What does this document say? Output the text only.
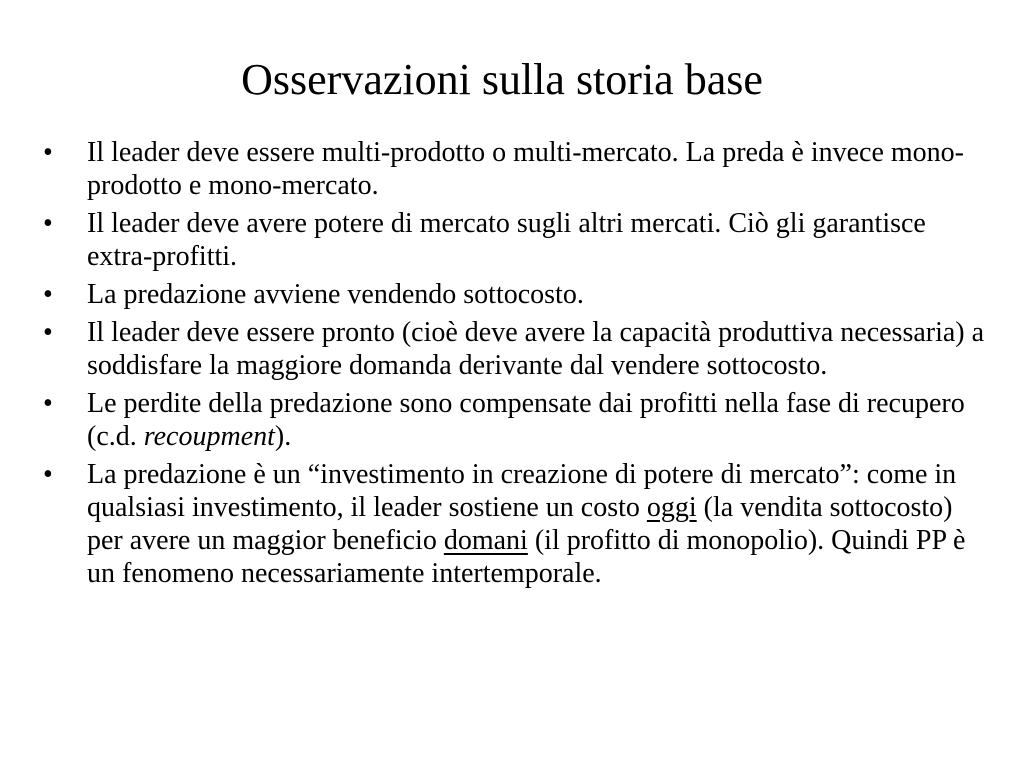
Osservazioni sulla storia base
•	Il leader deve essere multi-prodotto o multi-mercato. La preda è invece mono-prodotto e mono-mercato.
•	Il leader deve avere potere di mercato sugli altri mercati. Ciò gli garantisce extra-profitti.
•	La predazione avviene vendendo sottocosto.
•	Il leader deve essere pronto (cioè deve avere la capacità produttiva necessaria) a soddisfare la maggiore domanda derivante dal vendere sottocosto.
•	Le perdite della predazione sono compensate dai profitti nella fase di recupero (c.d. recoupment).
•	La predazione è un “investimento in creazione di potere di mercato”: come in qualsiasi investimento, il leader sostiene un costo oggi (la vendita sottocosto) per avere un maggior beneficio domani (il profitto di monopolio). Quindi PP è un fenomeno necessariamente intertemporale.
